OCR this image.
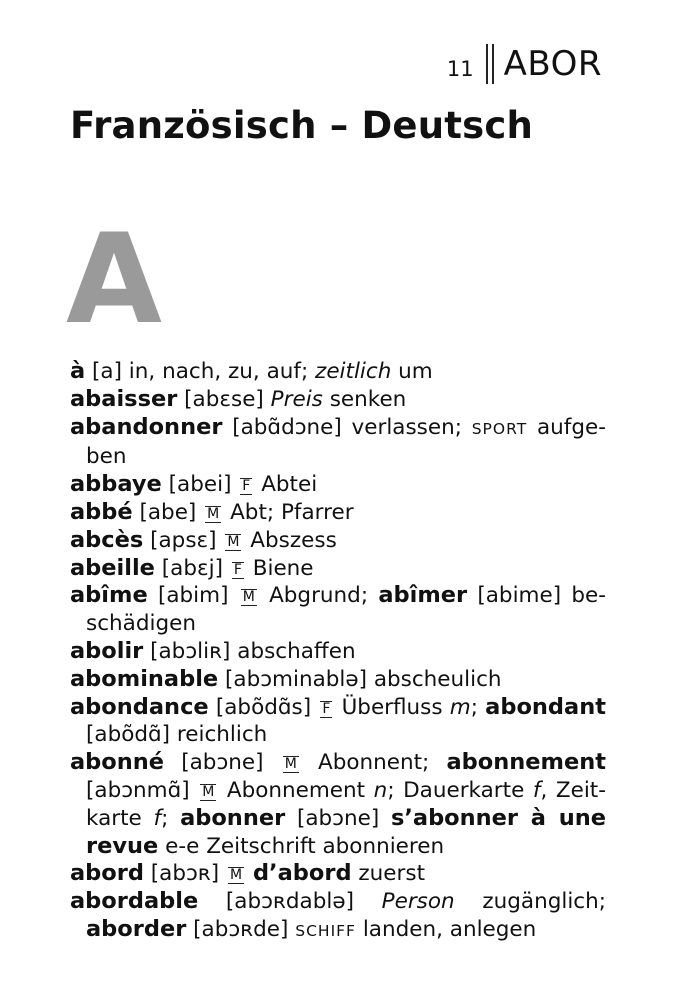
11 ABOR
Französisch – Deutsch
A
à [a] in, nach, zu, auf; zeitlich um
abaisser [abɛse] Preis senken
abandonner [abɑ̃dɔne] verlassen; SPORT aufgeben
abbaye [abei] F Abtei
abbé [abe] M Abt; Pfarrer
abcès [apsɛ] M Abszess
abeille [abɛj] F Biene
abîme [abim] M Abgrund; abîmer [abime] beschädigen
abolir [abɔliʀ] abschaffen
abominable [abɔminablə] abscheulich
abondance [abõdɑ̃s] F Überfluss m; abondant [abõdɑ̃] reichlich
abonné [abɔne] M Abonnent; abonnement [abɔnmɑ̃] M Abonnement n; Dauerkarte f, Zeitkarte f; abonner [abɔne] s’abonner à une revue e-e Zeitschrift abonnieren
abord [abɔʀ] M d’abord zuerst
abordable [abɔʀdablə] Person zugänglich; aborder [abɔʀde] SCHIFF landen, anlegen
